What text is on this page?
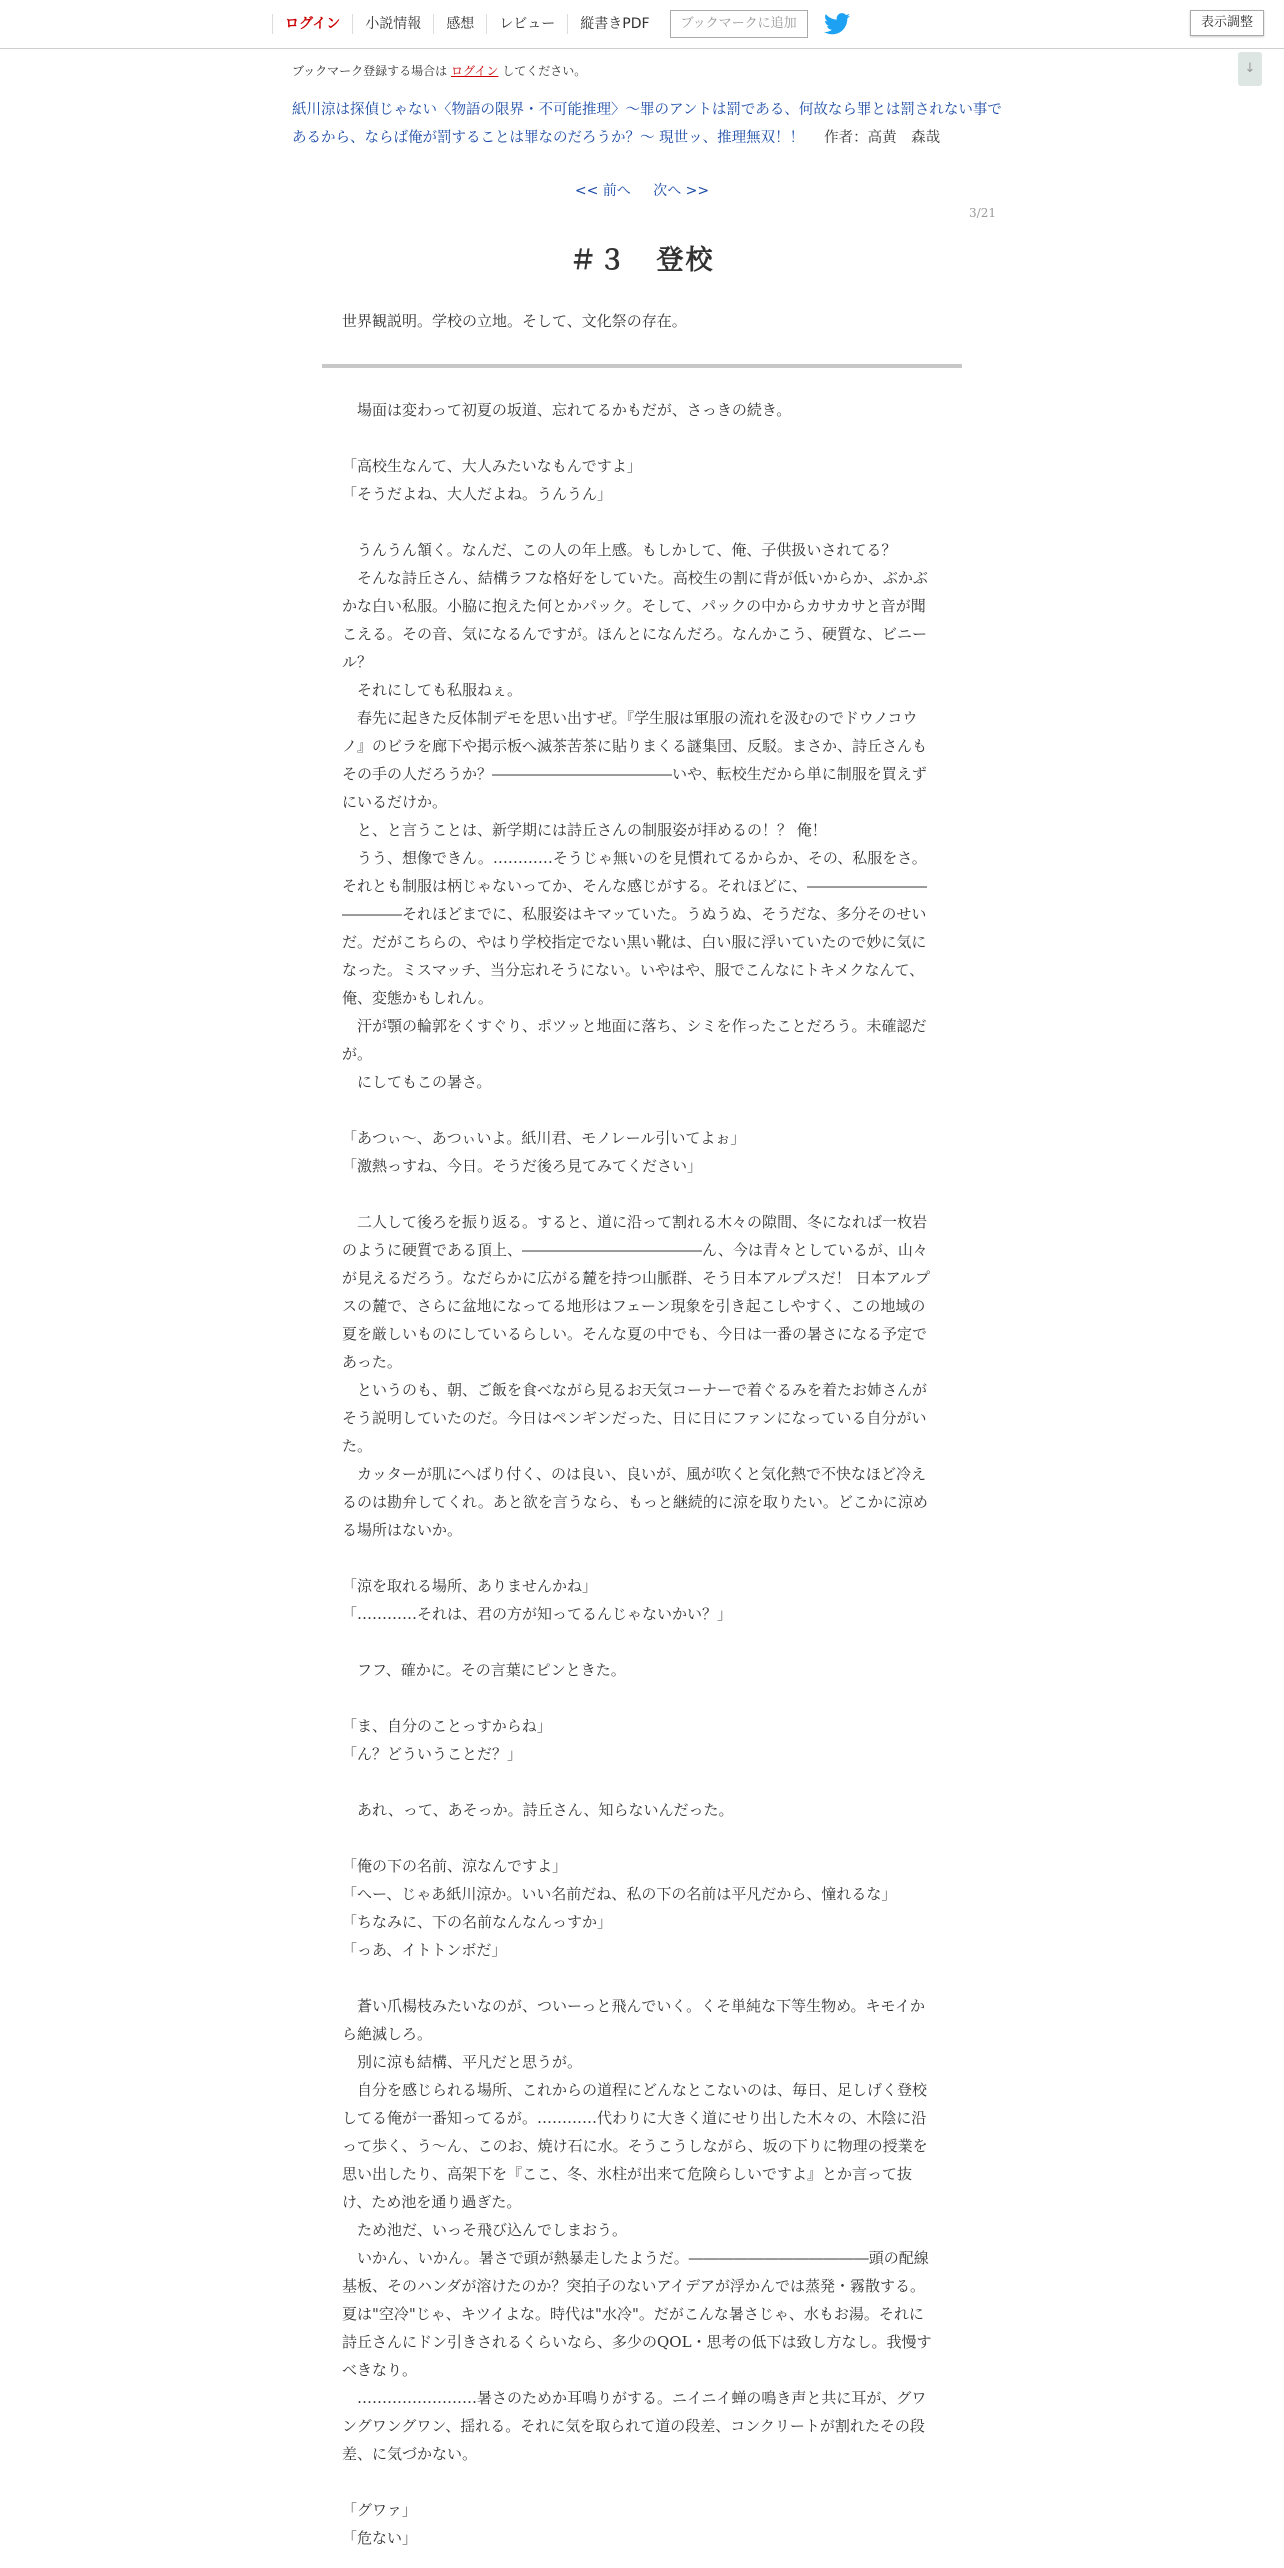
ログイン	小説情報	感想	レビュー	縦書きPDF	ブックマークに追加	表示調整
↓
ブックマーク登録する場合は ログイン してください。
紙川涼は探偵じゃない〈物語の限界・不可能推理〉～罪のアントは罰である、何故なら罪とは罰されない事であるから、ならば俺が罰することは罪なのだろうか？～ 現世ッ、推理無双！！ 作者：高黄　森哉
<< 前へ 次へ >>
3/21
＃３　登校
世界観説明。学校の立地。そして、文化祭の存在。

　場面は変わって初夏の坂道、忘れてるかもだが、さっきの続き。

「高校生なんて、大人みたいなもんですよ」

「そうだよね、大人だよね。うんうん」

　うんうん頷く。なんだ、この人の年上感。もしかして、俺、子供扱いされてる？

　そんな詩丘さん、結構ラフな格好をしていた。高校生の割に背が低いからか、ぶかぶかな白い私服。小脇に抱えた何とかパック。そして、パックの中からカサカサと音が聞こえる。その音、気になるんですが。ほんとになんだろ。なんかこう、硬質な、ビニール？

　それにしても私服ねぇ。

　春先に起きた反体制デモを思い出すぜ。『学生服は軍服の流れを汲むのでドウノコウノ』のビラを廊下や掲示板へ滅茶苦茶に貼りまくる謎集団、反駁。まさか、詩丘さんもその手の人だろうか？――――――――――――いや、転校生だから単に制服を買えずにいるだけか。

　と、と言うことは、新学期には詩丘さんの制服姿が拝めるの！？ 俺！

　うう、想像できん。…………そうじゃ無いのを見慣れてるからか、その、私服をさ。それとも制服は柄じゃないってか、そんな感じがする。それほどに、――――――――――――それほどまでに、私服姿はキマッていた。うぬうぬ、そうだな、多分そのせいだ。だがこちらの、やはり学校指定でない黒い靴は、白い服に浮いていたので妙に気になった。ミスマッチ、当分忘れそうにない。いやはや、服でこんなにトキメクなんて、俺、変態かもしれん。

　汗が顎の輪郭をくすぐり、ポツッと地面に落ち、シミを作ったことだろう。未確認だが。

　にしてもこの暑さ。

「あつぃ～、あつぃいよ。紙川君、モノレール引いてよぉ」

「激熱っすね、今日。そうだ後ろ見てみてください」

　二人して後ろを振り返る。すると、道に沿って割れる木々の隙間、冬になれば一枚岩のように硬質である頂上、――――――――――――ん、今は青々としているが、山々が見えるだろう。なだらかに広がる麓を持つ山脈群、そう日本アルプスだ！ 日本アルプスの麓で、さらに盆地になってる地形はフェーン現象を引き起こしやすく、この地域の夏を厳しいものにしているらしい。そんな夏の中でも、今日は一番の暑さになる予定であった。

　というのも、朝、ご飯を食べながら見るお天気コーナーで着ぐるみを着たお姉さんがそう説明していたのだ。今日はペンギンだった、日に日にファンになっている自分がいた。

　カッターが肌にへばり付く、のは良い、良いが、風が吹くと気化熱で不快なほど冷えるのは勘弁してくれ。あと欲を言うなら、もっと継続的に涼を取りたい。どこかに涼める場所はないか。

「涼を取れる場所、ありませんかね」

「…………それは、君の方が知ってるんじゃないかい？」

　フフ、確かに。その言葉にピンときた。

「ま、自分のことっすからね」

「ん？どういうことだ？」

　あれ、って、あそっか。詩丘さん、知らないんだった。

「俺の下の名前、涼なんですよ」

「へー、じゃあ紙川涼か。いい名前だね、私の下の名前は平凡だから、憧れるな」

「ちなみに、下の名前なんなんっすか」

「っあ、イトトンボだ」

　蒼い爪楊枝みたいなのが、ついーっと飛んでいく。くそ単純な下等生物め。キモイから絶滅しろ。

　別に涼も結構、平凡だと思うが。

　自分を感じられる場所、これからの道程にどんなとこないのは、毎日、足しげく登校してる俺が一番知ってるが。…………代わりに大きく道にせり出した木々の、木陰に沿って歩く、う～ん、このお、焼け石に水。そうこうしながら、坂の下りに物理の授業を思い出したり、高架下を『ここ、冬、氷柱が出来て危険らしいですよ』とか言って抜け、ため池を通り過ぎた。

　ため池だ、いっそ飛び込んでしまおう。

　いかん、いかん。暑さで頭が熱暴走したようだ。――――――――――――頭の配線基板、そのハンダが溶けたのか？突拍子のないアイデアが浮かんでは蒸発・霧散する。夏は"空冷"じゃ、キツイよな。時代は"水冷"。だがこんな暑さじゃ、水もお湯。それに詩丘さんにドン引きされるくらいなら、多少のQOL・思考の低下は致し方なし。我慢すべきなり。

　……………………暑さのためか耳鳴りがする。ニイニイ蝉の鳴き声と共に耳が、グワングワングワン、揺れる。それに気を取られて道の段差、コンクリートが割れたその段差、に気づかない。

「グワァ」

「危ない」
